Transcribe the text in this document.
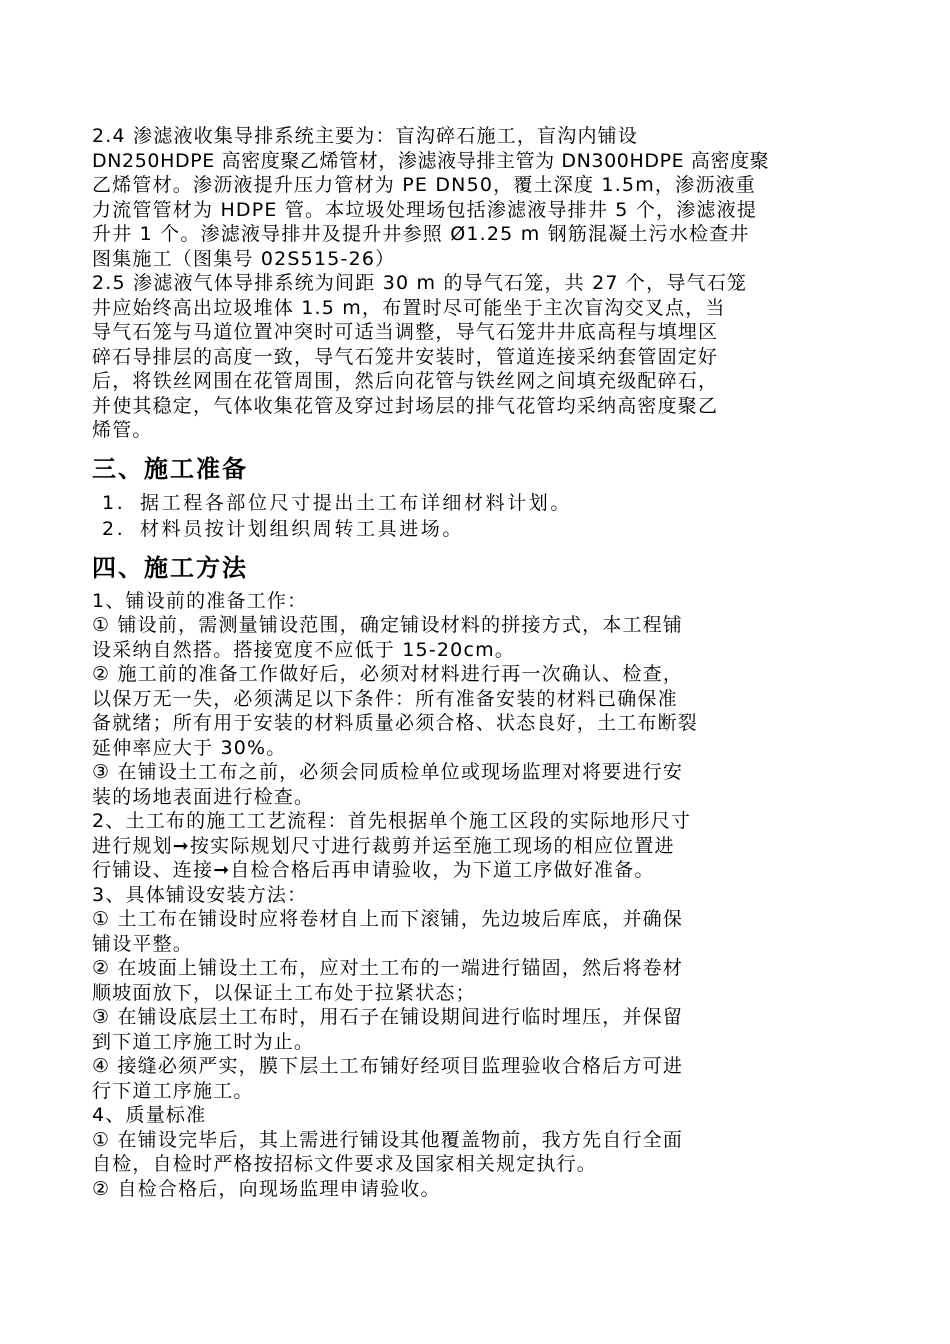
2.4 渗滤液收集导排系统主要为：盲沟碎石施工，盲沟内铺设

DN250HDPE 高密度聚乙烯管材，渗滤液导排主管为 DN300HDPE 高密度聚

乙烯管材。渗沥液提升压力管材为 PE DN50，覆土深度 1.5m，渗沥液重

力流管管材为 HDPE 管。本垃圾处理场包括渗滤液导排井 5 个，渗滤液提

升井 1 个。渗滤液导排井及提升井参照 Ø1.25 m 钢筋混凝土污水检查井

图集施工（图集号 02S515-26）

2.5 渗滤液气体导排系统为间距 30 m 的导气石笼，共 27 个，导气石笼

井应始终高出垃圾堆体 1.5 m，布置时尽可能坐于主次盲沟交叉点，当

导气石笼与马道位置冲突时可适当调整，导气石笼井井底高程与填埋区

碎石导排层的高度一致，导气石笼井安装时，管道连接采纳套管固定好

后，将铁丝网围在花管周围，然后向花管与铁丝网之间填充级配碎石，

并使其稳定，气体收集花管及穿过封场层的排气花管均采纳高密度聚乙

烯管。

三、施工准备
1. 据工程各部位尺寸提出土工布详细材料计划。
2. 材料员按计划组织周转工具进场。
四、施工方法

1、铺设前的准备工作：

① 铺设前，需测量铺设范围，确定铺设材料的拼接方式，本工程铺

设采纳自然搭。搭接宽度不应低于 15-20cm。

② 施工前的准备工作做好后，必须对材料进行再一次确认、检查，

以保万无一失，必须满足以下条件：所有准备安装的材料已确保准

备就绪；所有用于安装的材料质量必须合格、状态良好，土工布断裂

延伸率应大于 30%。

③ 在铺设土工布之前，必须会同质检单位或现场监理对将要进行安

装的场地表面进行检查。

2、土工布的施工工艺流程：首先根据单个施工区段的实际地形尺寸

进行规划➞按实际规划尺寸进行裁剪并运至施工现场的相应位置进

行铺设、连接➞自检合格后再申请验收，为下道工序做好准备。

3、具体铺设安装方法：

① 土工布在铺设时应将卷材自上而下滚铺，先边坡后库底，并确保

铺设平整。

② 在坡面上铺设土工布，应对土工布的一端进行锚固，然后将卷材

顺坡面放下，以保证土工布处于拉紧状态；

③ 在铺设底层土工布时，用石子在铺设期间进行临时埋压，并保留

到下道工序施工时为止。

④ 接缝必须严实，膜下层土工布铺好经项目监理验收合格后方可进

行下道工序施工。

4、质量标准

① 在铺设完毕后，其上需进行铺设其他覆盖物前，我方先自行全面

自检，自检时严格按招标文件要求及国家相关规定执行。

② 自检合格后，向现场监理申请验收。
